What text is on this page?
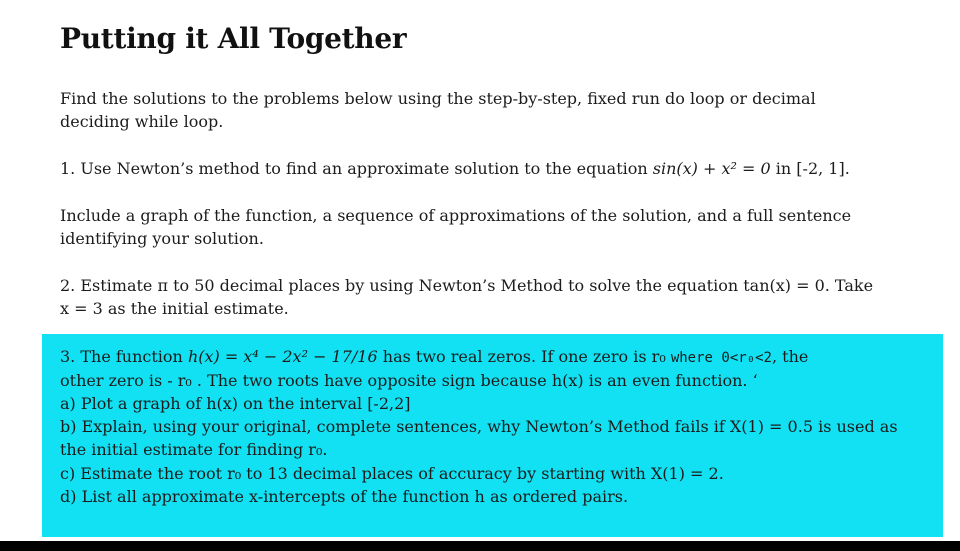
Putting it All Together

Find the solutions to the problems below using the step-by-step, fixed run do loop or decimal

deciding while loop.

1. Use Newton’s method to find an approximate solution to the equation sin(x) + x² = 0 in [-2, 1].

Include a graph of the function, a sequence of approximations of the solution, and a full sentence

identifying your solution.

2. Estimate π to 50 decimal places by using Newton’s Method to solve the equation tan(x) = 0. Take

x = 3 as the initial estimate.

3. The function h(x) = x⁴ − 2x² − 17/16 has two real zeros. If one zero is r₀ where 0<r₀<2, the

other zero is - r₀ . The two roots have opposite sign because h(x) is an even function. ‘

a) Plot a graph of h(x) on the interval [-2,2]

b) Explain, using your original, complete sentences, why Newton’s Method fails if X(1) = 0.5 is used as

the initial estimate for finding r₀.

c) Estimate the root r₀ to 13 decimal places of accuracy by starting with X(1) = 2.

d) List all approximate x-intercepts of the function h as ordered pairs.
